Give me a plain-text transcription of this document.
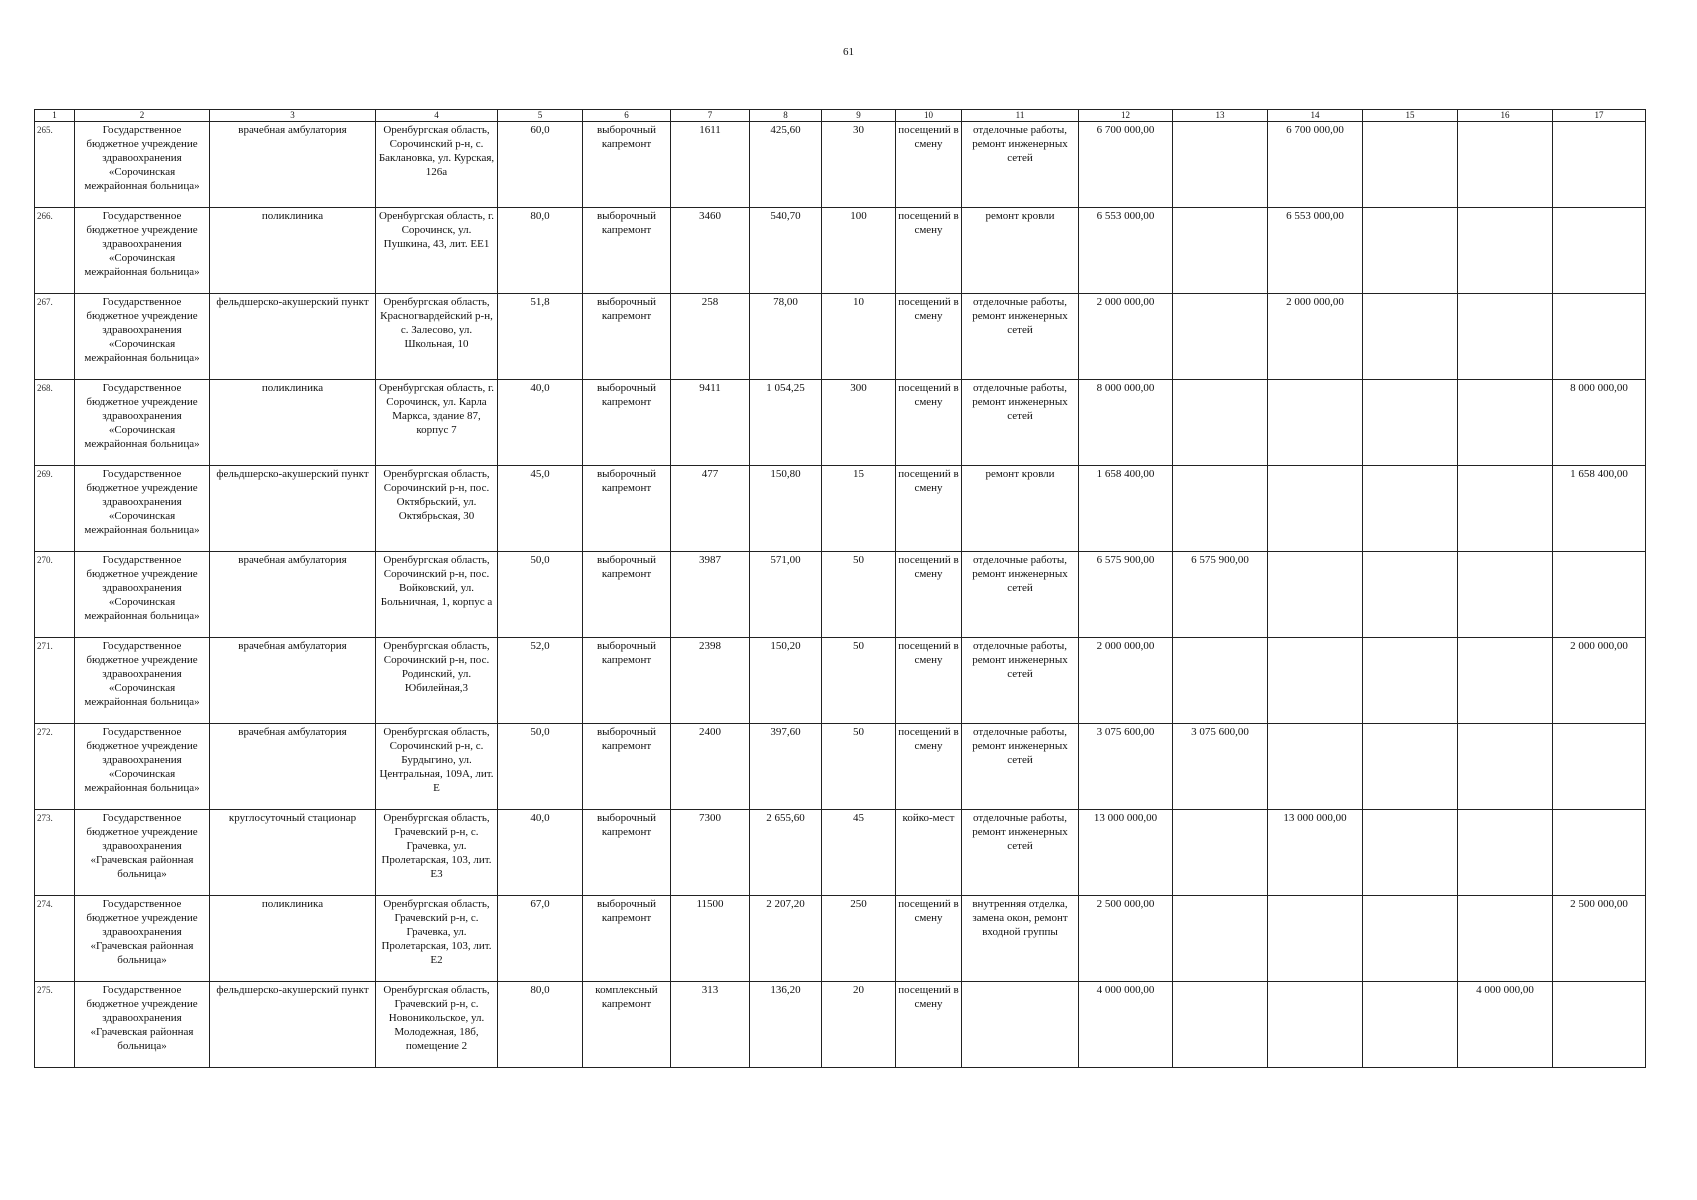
61
1	2	3	4	5	6	7	8	9	10	11	12	13	14	15	16	17
265.	Государственное бюджетное учреждение здравоохранения «Сорочинская межрайонная больница»	врачебная амбулатория	Оренбургская область, Сорочинский р-н, с. Баклановка, ул. Курская, 126а	60,0	выборочный капремонт	1611	425,60	30	посещений в смену	отделочные работы, ремонт инженерных сетей	6 700 000,00		6 700 000,00			
266.	Государственное бюджетное учреждение здравоохранения «Сорочинская межрайонная больница»	поликлиника	Оренбургская область, г. Сорочинск, ул. Пушкина, 43, лит. ЕЕ1	80,0	выборочный капремонт	3460	540,70	100	посещений в смену	ремонт кровли	6 553 000,00		6 553 000,00			
267.	Государственное бюджетное учреждение здравоохранения «Сорочинская межрайонная больница»	фельдшерско-акушерский пункт	Оренбургская область, Красногвардейский р-н, с. Залесово, ул. Школьная, 10	51,8	выборочный капремонт	258	78,00	10	посещений в смену	отделочные работы, ремонт инженерных сетей	2 000 000,00		2 000 000,00			
268.	Государственное бюджетное учреждение здравоохранения «Сорочинская межрайонная больница»	поликлиника	Оренбургская область, г. Сорочинск, ул. Карла Маркса, здание 87, корпус 7	40,0	выборочный капремонт	9411	1 054,25	300	посещений в смену	отделочные работы, ремонт инженерных сетей	8 000 000,00					8 000 000,00
269.	Государственное бюджетное учреждение здравоохранения «Сорочинская межрайонная больница»	фельдшерско-акушерский пункт	Оренбургская область, Сорочинский р-н, пос. Октябрьский, ул. Октябрьская, 30	45,0	выборочный капремонт	477	150,80	15	посещений в смену	ремонт кровли	1 658 400,00					1 658 400,00
270.	Государственное бюджетное учреждение здравоохранения «Сорочинская межрайонная больница»	врачебная амбулатория	Оренбургская область, Сорочинский р-н, пос. Войковский, ул. Больничная, 1, корпус а	50,0	выборочный капремонт	3987	571,00	50	посещений в смену	отделочные работы, ремонт инженерных сетей	6 575 900,00	6 575 900,00				
271.	Государственное бюджетное учреждение здравоохранения «Сорочинская межрайонная больница»	врачебная амбулатория	Оренбургская область, Сорочинский р-н, пос. Родинский, ул. Юбилейная,3	52,0	выборочный капремонт	2398	150,20	50	посещений в смену	отделочные работы, ремонт инженерных сетей	2 000 000,00					2 000 000,00
272.	Государственное бюджетное учреждение здравоохранения «Сорочинская межрайонная больница»	врачебная амбулатория	Оренбургская область, Сорочинский р-н, с. Бурдыгино, ул. Центральная, 109А, лит. Е	50,0	выборочный капремонт	2400	397,60	50	посещений в смену	отделочные работы, ремонт инженерных сетей	3 075 600,00	3 075 600,00				
273.	Государственное бюджетное учреждение здравоохранения «Грачевская районная больница»	круглосуточный стационар	Оренбургская область, Грачевский р-н, с. Грачевка, ул. Пролетарская, 103, лит. Е3	40,0	выборочный капремонт	7300	2 655,60	45	койко-мест	отделочные работы, ремонт инженерных сетей	13 000 000,00		13 000 000,00			
274.	Государственное бюджетное учреждение здравоохранения «Грачевская районная больница»	поликлиника	Оренбургская область, Грачевский р-н, с. Грачевка, ул. Пролетарская, 103, лит. Е2	67,0	выборочный капремонт	11500	2 207,20	250	посещений в смену	внутренняя отделка, замена окон, ремонт входной группы	2 500 000,00					2 500 000,00
275.	Государственное бюджетное учреждение здравоохранения «Грачевская районная больница»	фельдшерско-акушерский пункт	Оренбургская область, Грачевский р-н, с. Новоникольское, ул. Молодежная, 18б, помещение 2	80,0	комплексный капремонт	313	136,20	20	посещений в смену		4 000 000,00				4 000 000,00	
